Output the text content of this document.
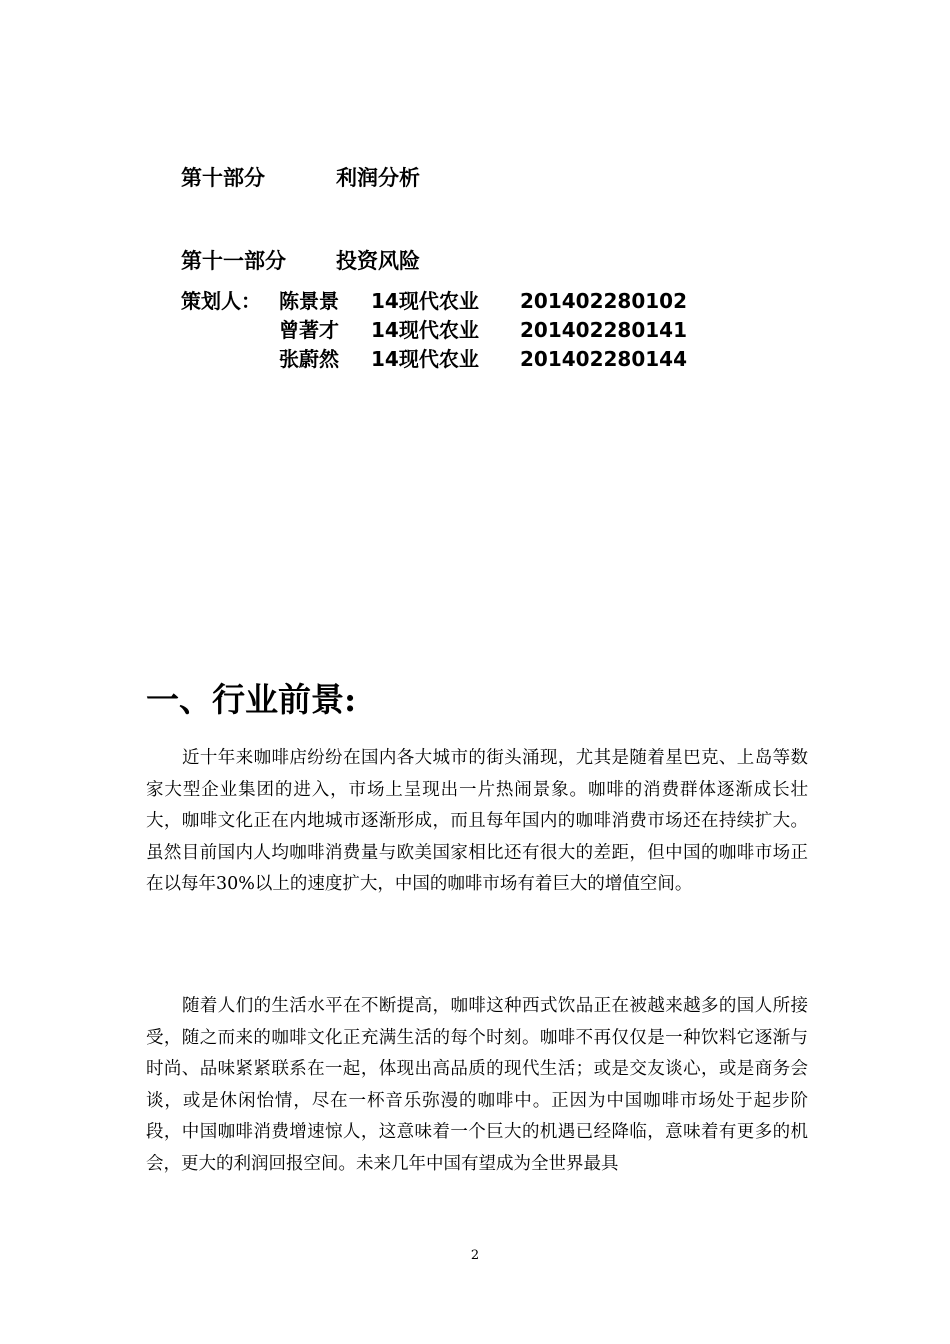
第十部分	利润分析
第十一部分 投资风险
策划人： 陈景景 14现代农业 201402280102
曾著才 14现代农业 201402280141
张蔚然 14现代农业 201402280144
一、行业前景:

近十年来咖啡店纷纷在国内各大城市的街头涌现，尤其是随着星巴克、上岛等数家大型企业集团的进入，市场上呈现出一片热闹景象。咖啡的消费群体逐渐成长壮大，咖啡文化正在内地城市逐渐形成，而且每年国内的咖啡消费市场还在持续扩大。虽然目前国内人均咖啡消费量与欧美国家相比还有很大的差距，但中国的咖啡市场正在以每年30%以上的速度扩大，中国的咖啡市场有着巨大的增值空间。

随着人们的生活水平在不断提高，咖啡这种西式饮品正在被越来越多的国人所接受，随之而来的咖啡文化正充满生活的每个时刻。咖啡不再仅仅是一种饮料它逐渐与时尚、品味紧紧联系在一起，体现出高品质的现代生活；或是交友谈心，或是商务会谈，或是休闲怡情，尽在一杯音乐弥漫的咖啡中。正因为中国咖啡市场处于起步阶段，中国咖啡消费增速惊人，这意味着一个巨大的机遇已经降临，意味着有更多的机会，更大的利润回报空间。未来几年中国有望成为全世界最具

2
